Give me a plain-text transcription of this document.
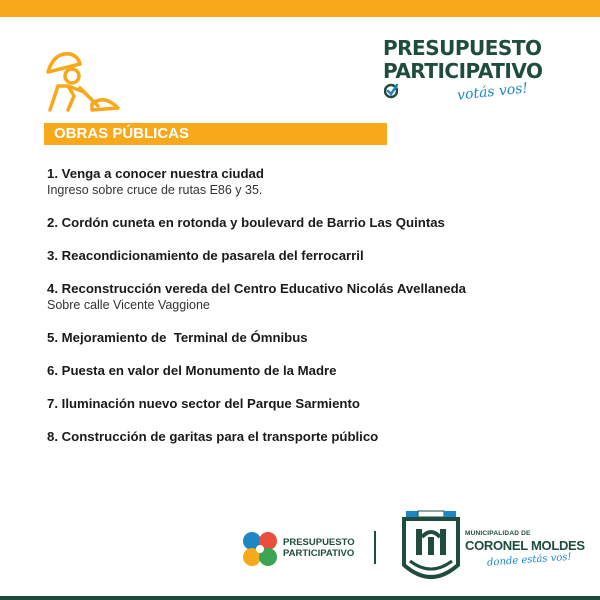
PRESUPUESTO
PARTICIPATIVO
votás vos!
OBRAS PÚBLICAS
1. Venga a conocer nuestra ciudad
Ingreso sobre cruce de rutas E86 y 35.
2. Cordón cuneta en rotonda y boulevard de Barrio Las Quintas
3. Reacondicionamiento de pasarela del ferrocarril
4. Reconstrucción vereda del Centro Educativo Nicolás Avellaneda
Sobre calle Vicente Vaggione
5. Mejoramiento de  Terminal de Ómnibus
6. Puesta en valor del Monumento de la Madre
7. Iluminación nuevo sector del Parque Sarmiento
8. Construcción de garitas para el transporte público
PRESUPUESTO
PARTICIPATIVO
MUNICIPALIDAD DE
CORONEL MOLDES
donde estás vos!
